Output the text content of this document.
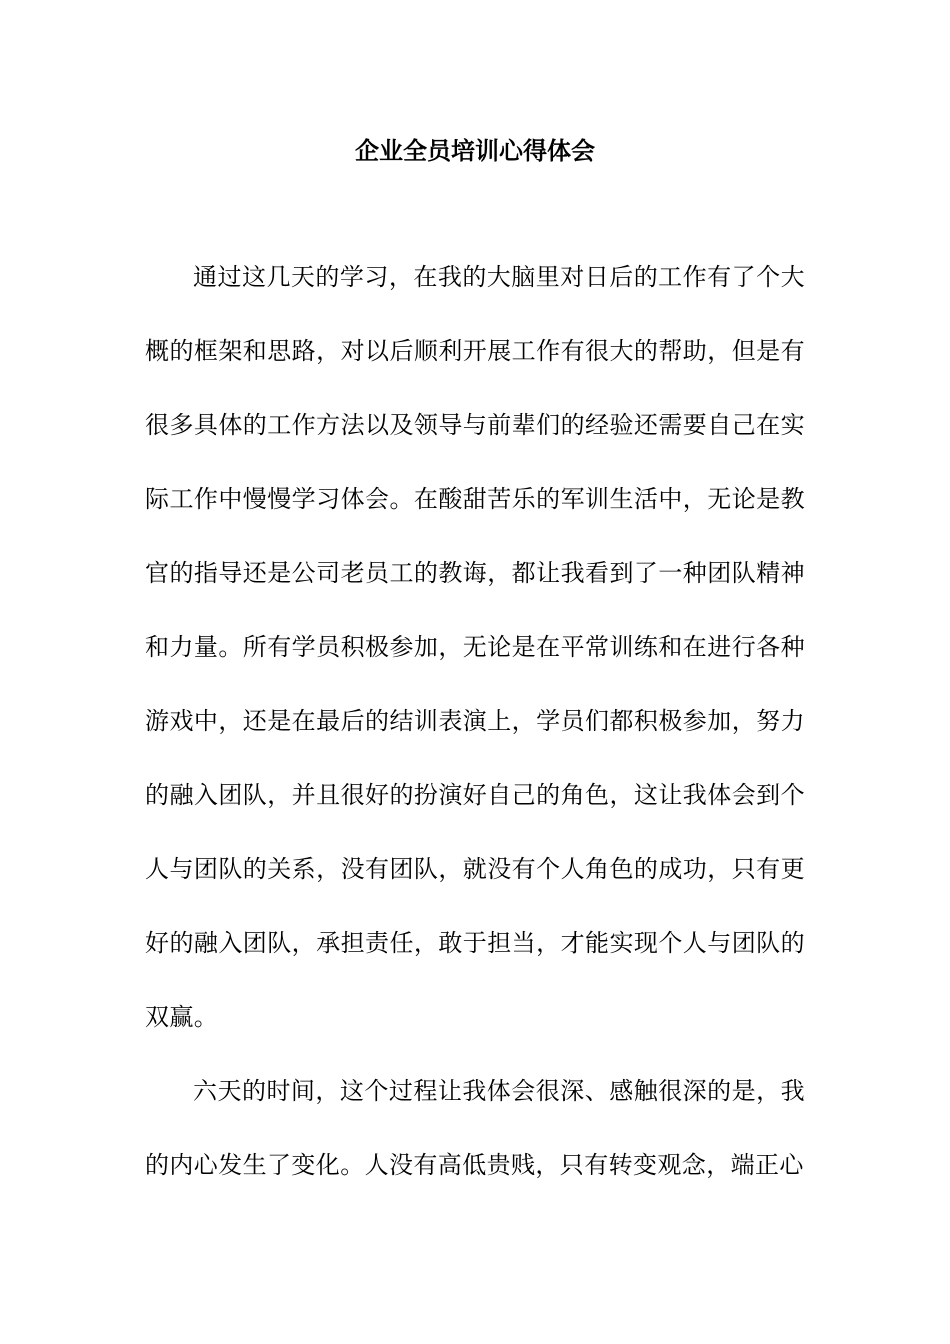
企业全员培训心得体会

通过这几天的学习，在我的大脑里对日后的工作有了个大概的框架和思路，对以后顺利开展工作有很大的帮助，但是有很多具体的工作方法以及领导与前辈们的经验还需要自己在实际工作中慢慢学习体会。在酸甜苦乐的军训生活中，无论是教官的指导还是公司老员工的教诲，都让我看到了一种团队精神和力量。所有学员积极参加，无论是在平常训练和在进行各种游戏中，还是在最后的结训表演上，学员们都积极参加，努力的融入团队，并且很好的扮演好自己的角色，这让我体会到个人与团队的关系，没有团队，就没有个人角色的成功，只有更好的融入团队，承担责任，敢于担当，才能实现个人与团队的双赢。

六天的时间，这个过程让我体会很深、感触很深的是，我的内心发生了变化。人没有高低贵贱，只有转变观念，端正心
